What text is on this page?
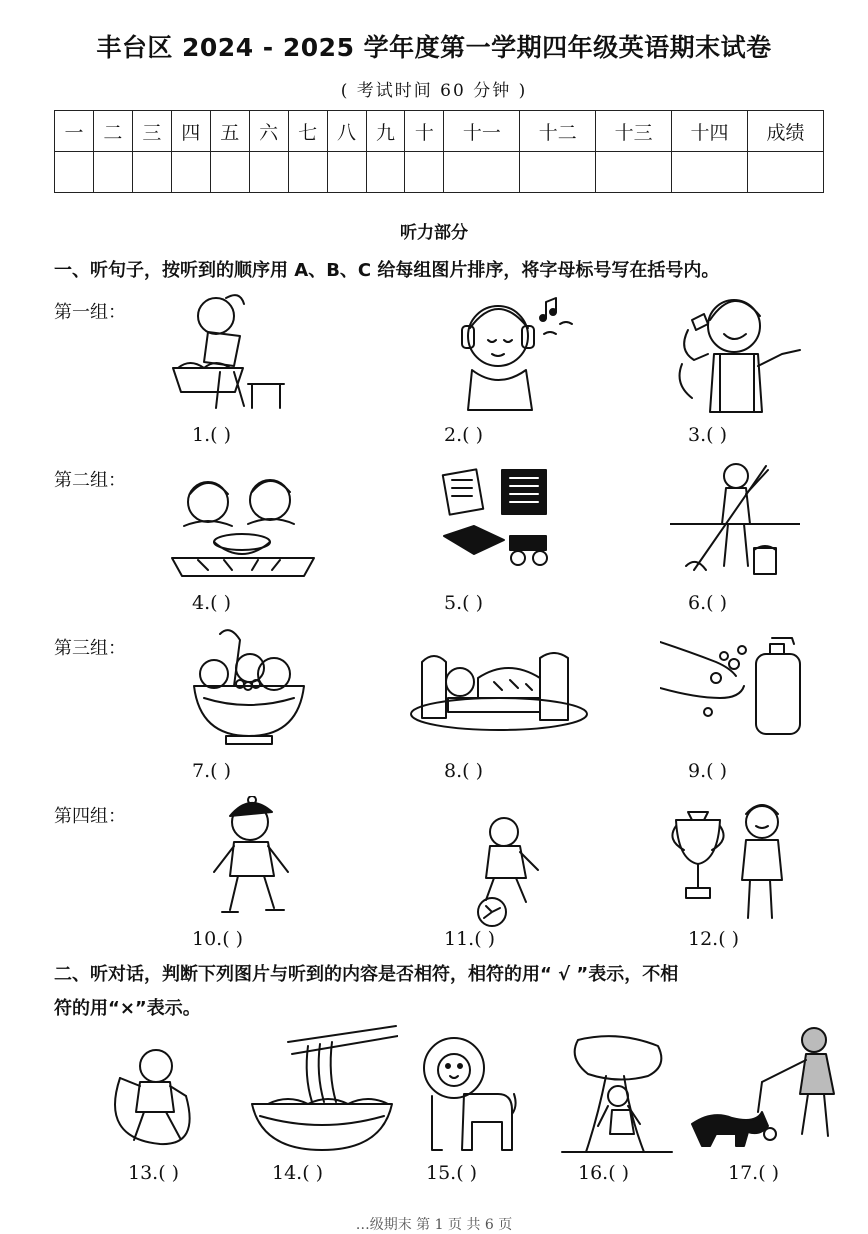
丰台区 2024 - 2025 学年度第一学期四年级英语期末试卷
( 考试时间 60 分钟 )
一	二	三	四	五	六	七	八	九	十	十一	十二	十三	十四	成绩

听力部分
一、听句子，按听到的顺序用 A、B、C 给每组图片排序，将字母标号写在括号内。
第一组：
第二组：
第三组：
第四组：
1.( )	2.( )	3.( )
4.( )	5.( )	6.( )
7.( )	8.( )	9.( )
10.( )	11.( )	12.( )
二、听对话，判断下列图片与听到的内容是否相符，相符的用“ √ ”表示，不相
符的用“×”表示。
13.( )	14.( )	15.( )	16.( )	17.( )
…级期末 第 1 页 共 6 页
